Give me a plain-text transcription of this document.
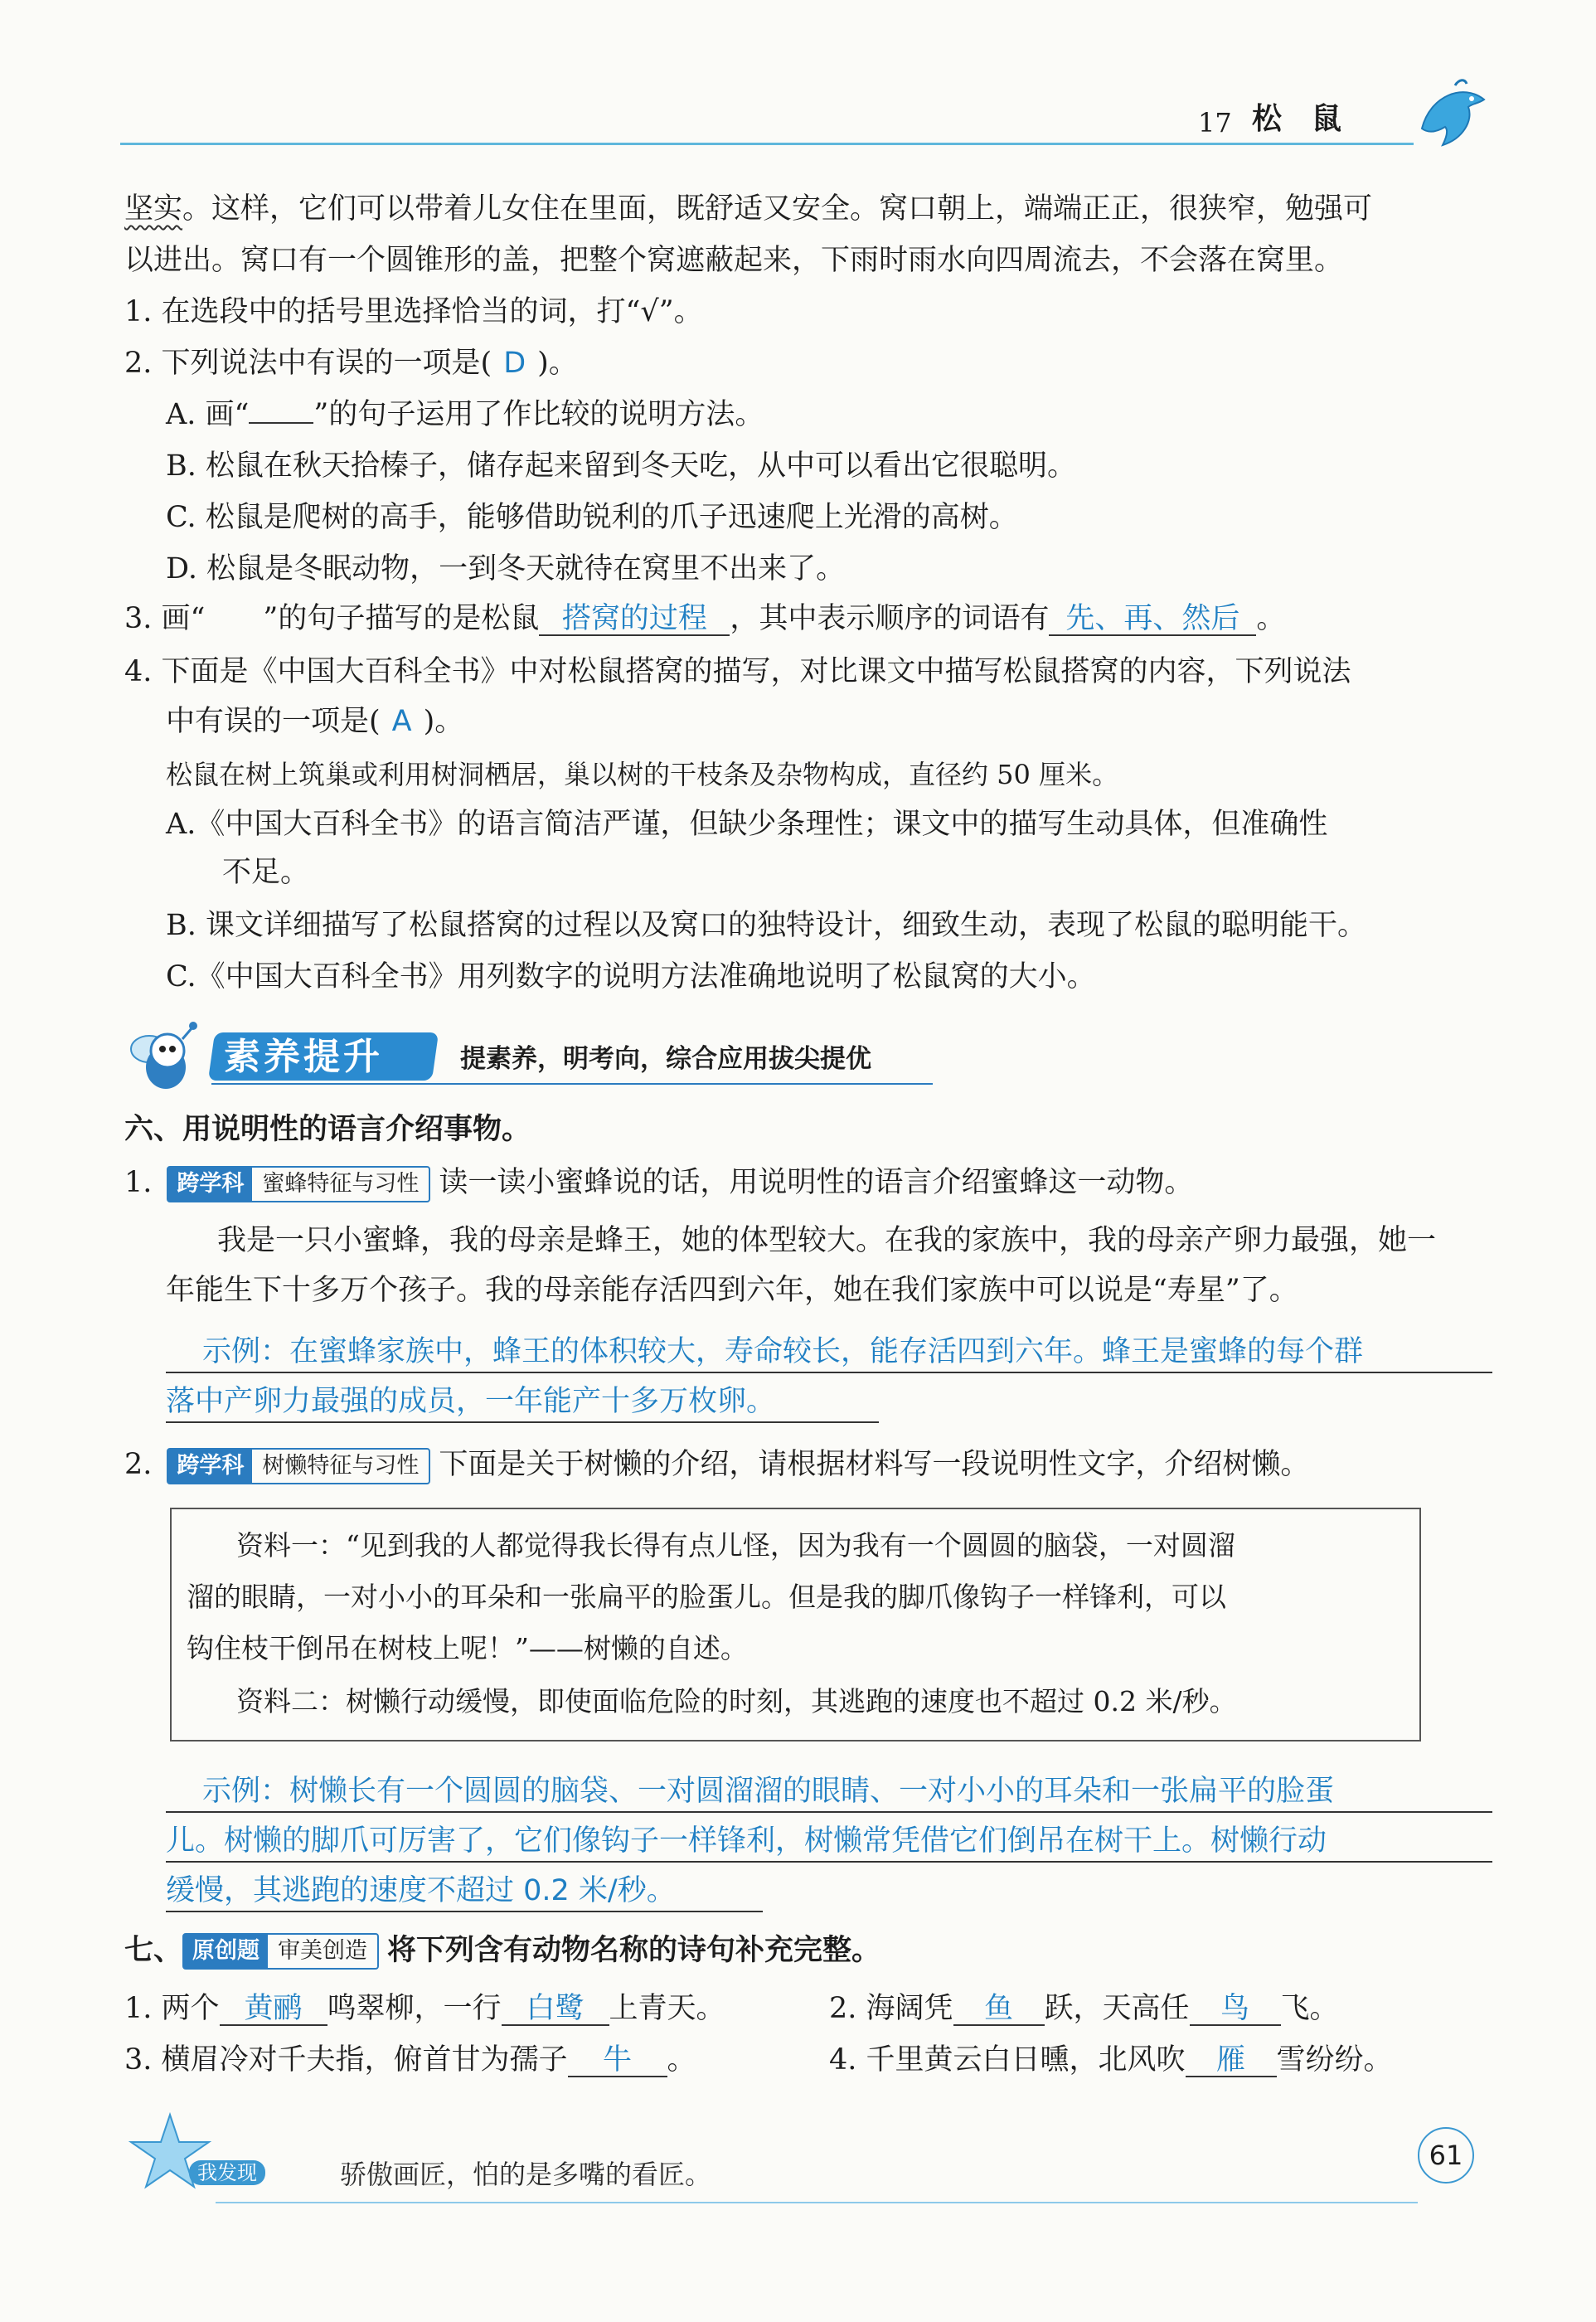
17 松　鼠
坚实。这样，它们可以带着儿女住在里面，既舒适又安全。窝口朝上，端端正正，很狭窄，勉强可
以进出。窝口有一个圆锥形的盖，把整个窝遮蔽起来，下雨时雨水向四周流去，不会落在窝里。
1. 在选段中的括号里选择恰当的词，打“√”。
2. 下列说法中有误的一项是( D )。
A. 画“ ”的句子运用了作比较的说明方法。
B. 松鼠在秋天拾榛子，储存起来留到冬天吃，从中可以看出它很聪明。
C. 松鼠是爬树的高手，能够借助锐利的爪子迅速爬上光滑的高树。
D. 松鼠是冬眠动物，一到冬天就待在窝里不出来了。
3. 画“ ”的句子描写的是松鼠 搭窝的过程 ，其中表示顺序的词语有 先、再、然后 。
4. 下面是《中国大百科全书》中对松鼠搭窝的描写，对比课文中描写松鼠搭窝的内容，下列说法
中有误的一项是( A )。
松鼠在树上筑巢或利用树洞栖居，巢以树的干枝条及杂物构成，直径约 50 厘米。
A.《中国大百科全书》的语言简洁严谨，但缺少条理性；课文中的描写生动具体，但准确性
不足。
B. 课文详细描写了松鼠搭窝的过程以及窝口的独特设计，细致生动，表现了松鼠的聪明能干。
C.《中国大百科全书》用列数字的说明方法准确地说明了松鼠窝的大小。
素养提升	提素养，明考向，综合应用拔尖提优
六、用说明性的语言介绍事物。
1.	跨学科 蜜蜂特征与习性 读一读小蜜蜂说的话，用说明性的语言介绍蜜蜂这一动物。
我是一只小蜜蜂，我的母亲是蜂王，她的体型较大。在我的家族中，我的母亲产卵力最强，她一
年能生下十多万个孩子。我的母亲能存活四到六年，她在我们家族中可以说是“寿星”了。
示例：在蜜蜂家族中，蜂王的体积较大，寿命较长，能存活四到六年。蜂王是蜜蜂的每个群
落中产卵力最强的成员，一年能产十多万枚卵。
2.	跨学科 树懒特征与习性 下面是关于树懒的介绍，请根据材料写一段说明性文字，介绍树懒。
资料一：“见到我的人都觉得我长得有点儿怪，因为我有一个圆圆的脑袋，一对圆溜
溜的眼睛，一对小小的耳朵和一张扁平的脸蛋儿。但是我的脚爪像钩子一样锋利，可以
钩住枝干倒吊在树枝上呢！”——树懒的自述。
资料二：树懒行动缓慢，即使面临危险的时刻，其逃跑的速度也不超过 0.2 米/秒。
示例：树懒长有一个圆圆的脑袋、一对圆溜溜的眼睛、一对小小的耳朵和一张扁平的脸蛋
儿。树懒的脚爪可厉害了，它们像钩子一样锋利，树懒常凭借它们倒吊在树干上。树懒行动
缓慢，其逃跑的速度不超过 0.2 米/秒。
七、 原创题 审美创造 将下列含有动物名称的诗句补充完整。
1. 两个 黄鹂 鸣翠柳，一行 白鹭 上青天。	2. 海阔凭 鱼 跃，天高任 鸟 飞。
3. 横眉冷对千夫指，俯首甘为孺子 牛 。	4. 千里黄云白日曛，北风吹 雁 雪纷纷。
我发现	骄傲画匠，怕的是多嘴的看匠。
61
